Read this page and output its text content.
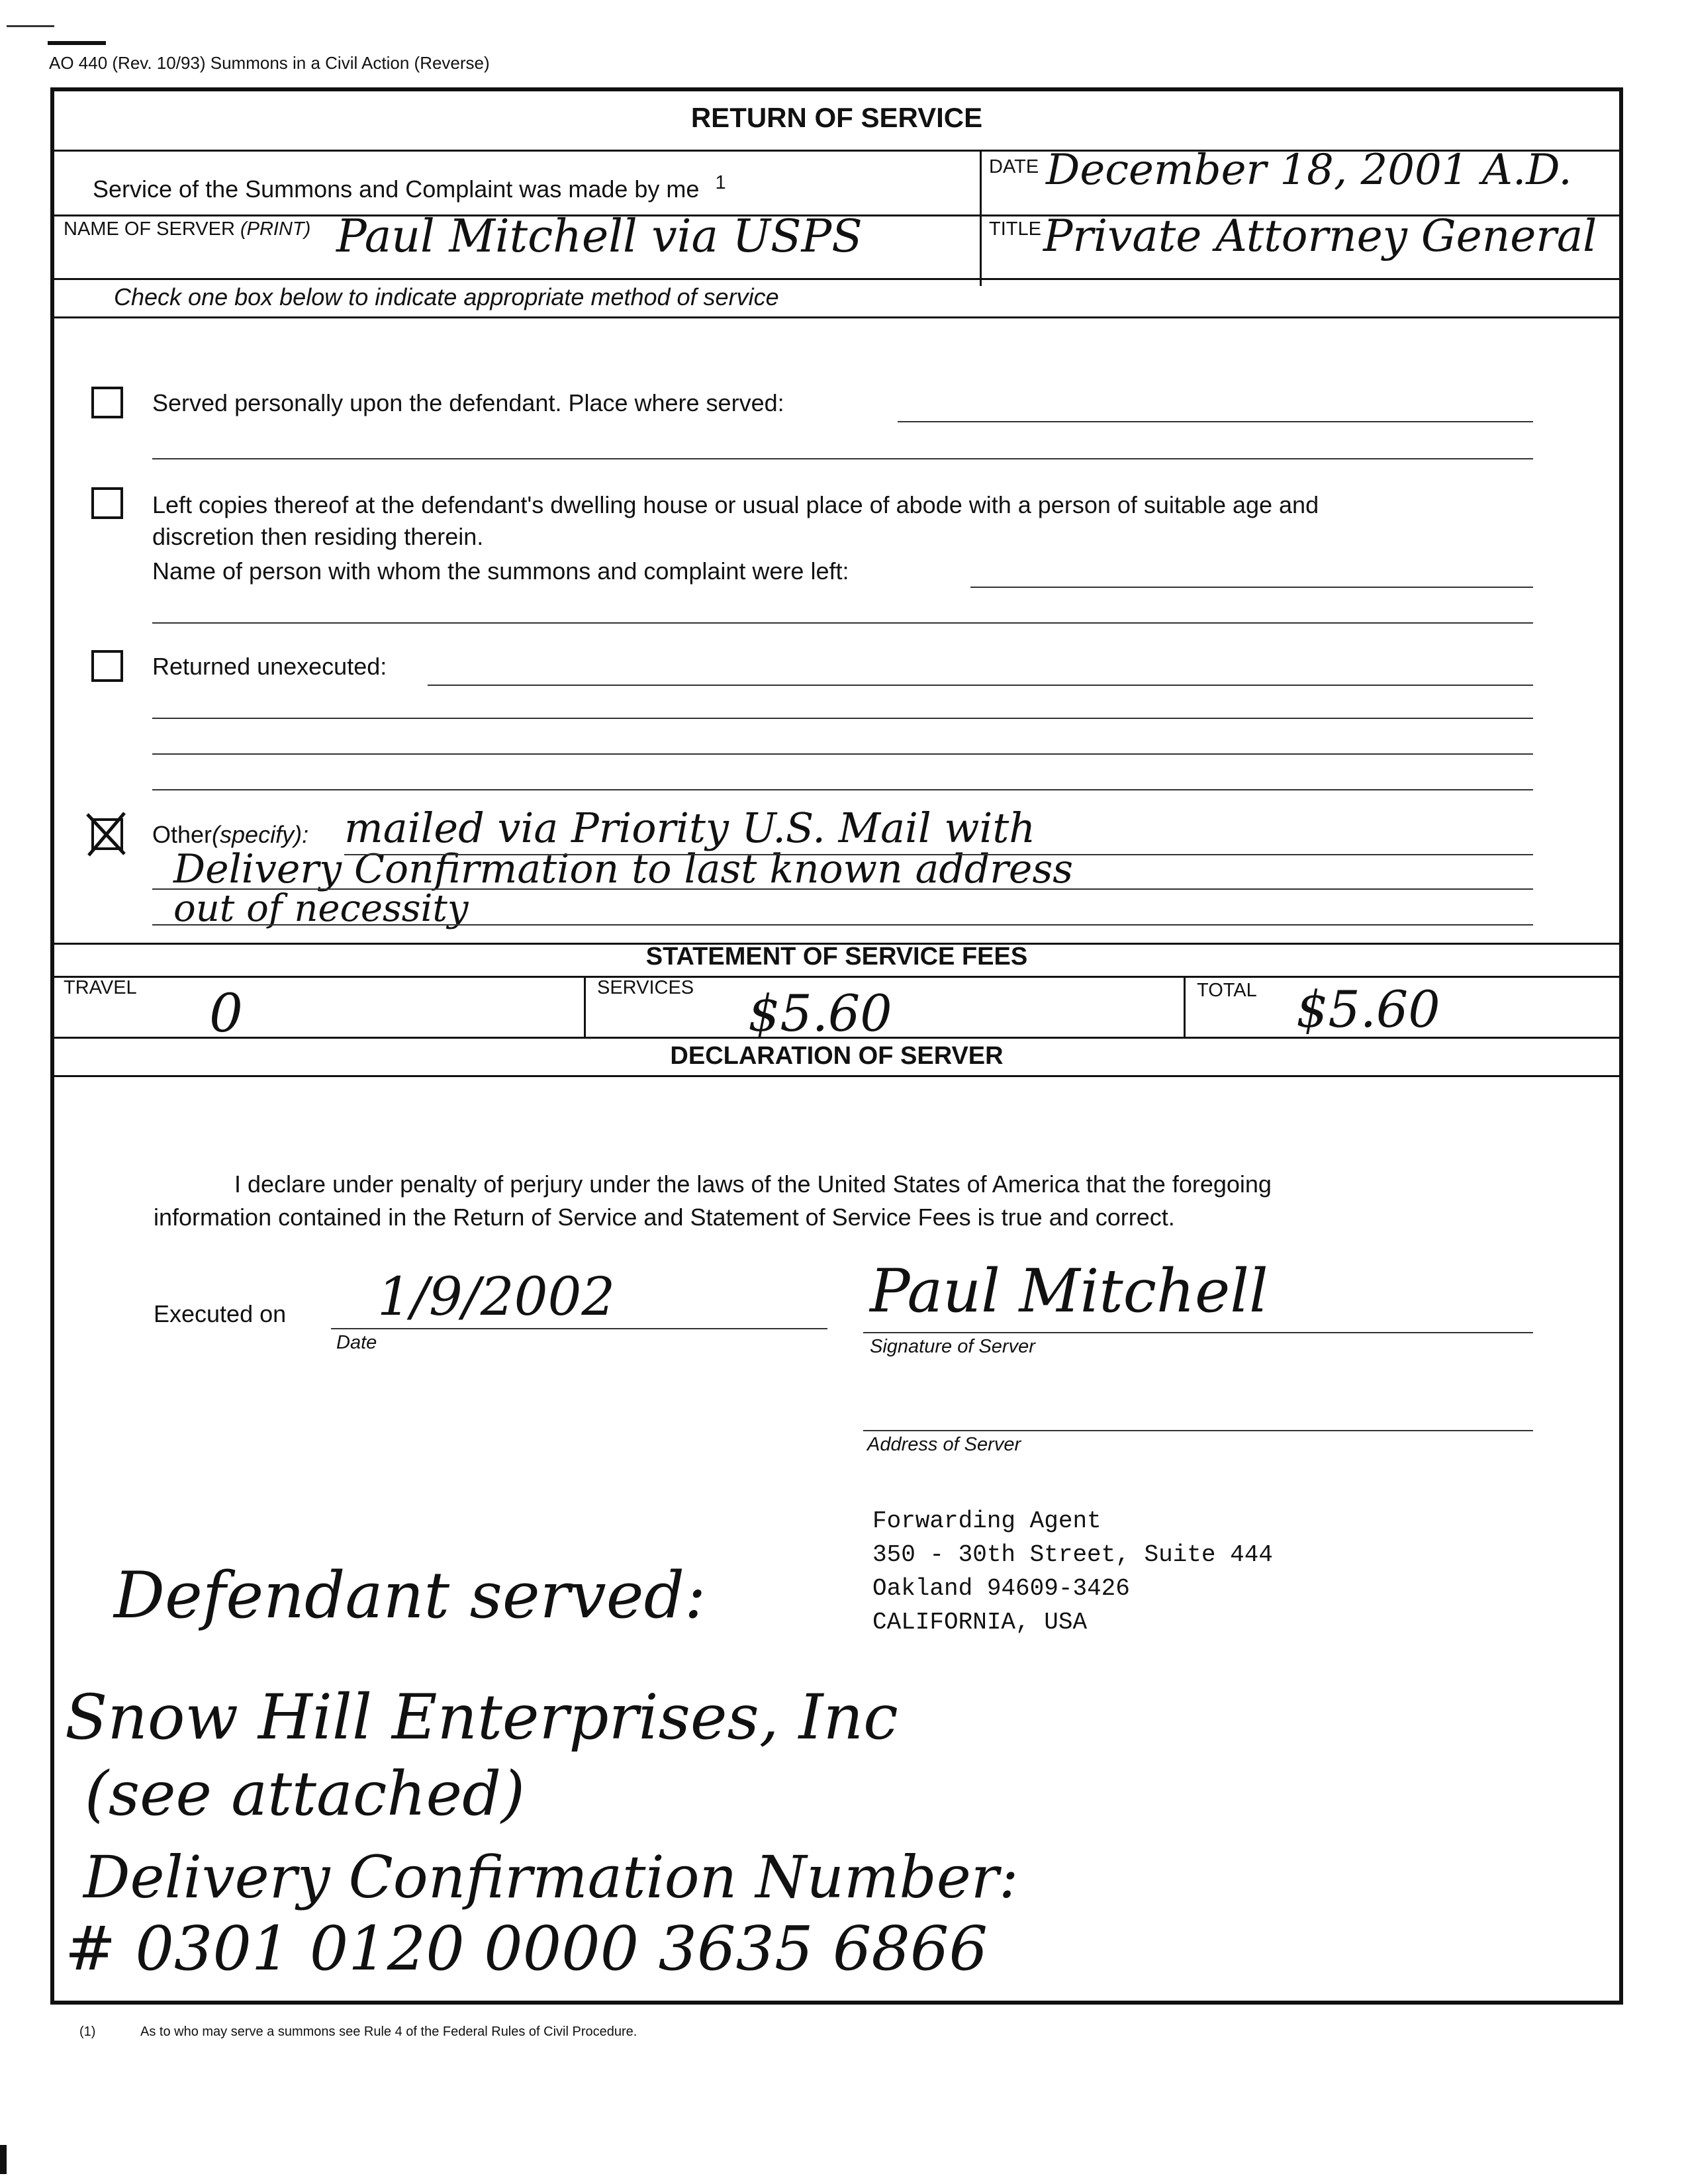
AO 440 (Rev. 10/93) Summons in a Civil Action (Reverse)
RETURN OF SERVICE
Service of the Summons and Complaint was made by me $^1$
DATE December 18, 2001 A.D.
NAME OF SERVER (PRINT) Paul Mitchell via USPS	TITLE Private Attorney General
Check one box below to indicate appropriate method of service
Served personally upon the defendant. Place where served:
Left copies thereof at the defendant's dwelling house or usual place of abode with a person of suitable age and
discretion then residing therein.
Name of person with whom the summons and complaint were left:
Returned unexecuted:
Other(specify): mailed via Priority U.S. Mail with
Delivery Confirmation to last known address
out of necessity
STATEMENT OF SERVICE FEES
TRAVEL 0	SERVICES $5.60	TOTAL $5.60
DECLARATION OF SERVER
I declare under penalty of perjury under the laws of the United States of America that the foregoing
information contained in the Return of Service and Statement of Service Fees is true and correct.
Executed on 1/9/2002
Date
Paul Mitchell
Signature of Server
Address of Server
Forwarding Agent
350 - 30th Street, Suite 444
Oakland 94609-3426
CALIFORNIA, USA
Defendant served:
Snow Hill Enterprises, Inc
(see attached)
Delivery Confirmation Number:
# 0301 0120 0000 3635 6866
(1)	As to who may serve a summons see Rule 4 of the Federal Rules of Civil Procedure.
